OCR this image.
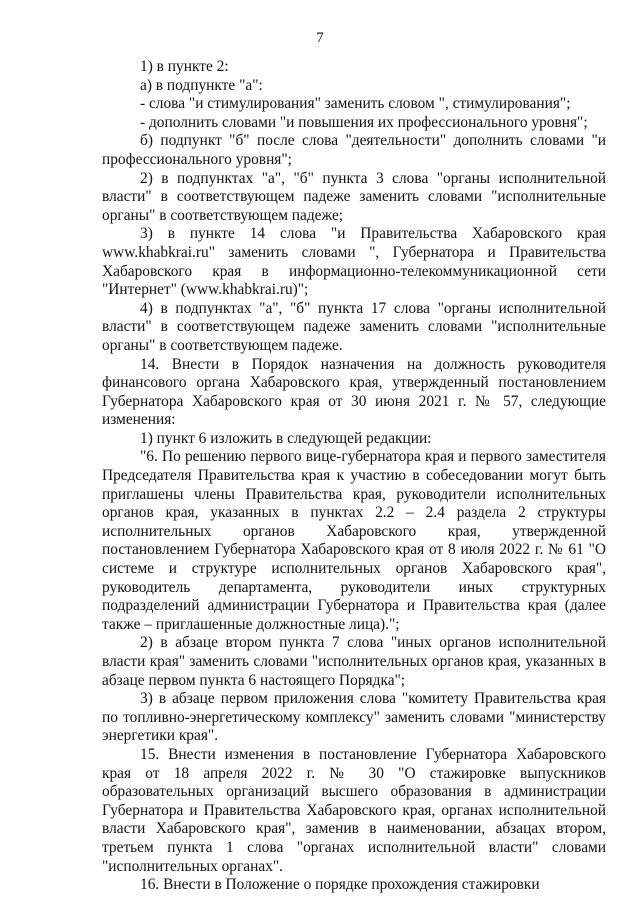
7

1) в пункте 2:

а) в подпункте "а":

- слова "и стимулирования" заменить словом ", стимулирования";

- дополнить словами "и повышения их профессионального уровня";

б) подпункт "б" после слова "деятельности" дополнить словами "и профессионального уровня";

2) в подпунктах "а", "б" пункта 3 слова "органы исполнительной власти" в соответствующем падеже заменить словами "исполнительные органы" в соответствующем падеже;

3) в пункте 14 слова "и Правительства Хабаровского края www.khabkrai.ru" заменить словами ", Губернатора и Правительства Хабаровского края в информационно-телекоммуникационной сети "Интернет" (www.khabkrai.ru)";

4) в подпунктах "а", "б" пункта 17 слова "органы исполнительной власти" в соответствующем падеже заменить словами "исполнительные органы" в соответствующем падеже.

14. Внести в Порядок назначения на должность руководителя финансового органа Хабаровского края, утвержденный постановлением Губернатора Хабаровского края от 30 июня 2021 г. № 57, следующие изменения:

1) пункт 6 изложить в следующей редакции:

"6. По решению первого вице-губернатора края и первого заместителя Председателя Правительства края к участию в собеседовании могут быть приглашены члены Правительства края, руководители исполнительных органов края, указанных в пунктах 2.2 – 2.4 раздела 2 структуры исполнительных органов Хабаровского края, утвержденной постановлением Губернатора Хабаровского края от 8 июля 2022 г. № 61 "О системе и структуре исполнительных органов Хабаровского края", руководитель департамента, руководители иных структурных подразделений администрации Губернатора и Правительства края (далее также – приглашенные должностные лица).";

2) в абзаце втором пункта 7 слова "иных органов исполнительной власти края" заменить словами "исполнительных органов края, указанных в абзаце первом пункта 6 настоящего Порядка";

3) в абзаце первом приложения слова "комитету Правительства края по топливно-энергетическому комплексу" заменить словами "министерству энергетики края".

15. Внести изменения в постановление Губернатора Хабаровского края от 18 апреля 2022 г. № 30 "О стажировке выпускников образовательных организаций высшего образования в администрации Губернатора и Правительства Хабаровского края, органах исполнительной власти Хабаровского края", заменив в наименовании, абзацах втором, третьем пункта 1 слова "органах исполнительной власти" словами "исполнительных органах".

16. Внести в Положение о порядке прохождения стажировки
